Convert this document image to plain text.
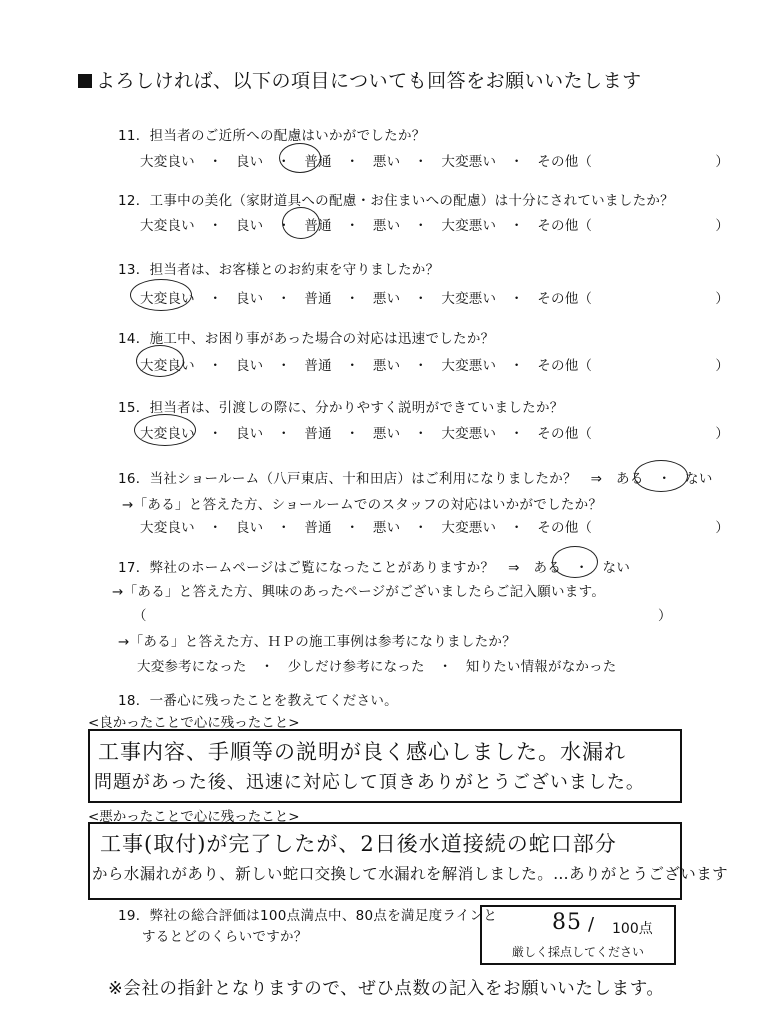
よろしければ、以下の項目についても回答をお願いいたします
11．担当者のご近所への配慮はいかがでしたか？
大変良い　・　良い　・　普通　・　悪い　・　大変悪い　・　その他（　　　　　　　　　）
12．工事中の美化（家財道具への配慮・お住まいへの配慮）は十分にされていましたか？
大変良い　・　良い　・　普通　・　悪い　・　大変悪い　・　その他（　　　　　　　　　）
13．担当者は、お客様とのお約束を守りましたか？
大変良い　・　良い　・　普通　・　悪い　・　大変悪い　・　その他（　　　　　　　　　）
14．施工中、お困り事があった場合の対応は迅速でしたか？
大変良い　・　良い　・　普通　・　悪い　・　大変悪い　・　その他（　　　　　　　　　）
15．担当者は、引渡しの際に、分かりやすく説明ができていましたか？
大変良い　・　良い　・　普通　・　悪い　・　大変悪い　・　その他（　　　　　　　　　）
16．当社ショールーム（八戸東店、十和田店）はご利用になりましたか？　⇒　ある　・　ない
→「ある」と答えた方、ショールームでのスタッフの対応はいかがでしたか？
大変良い　・　良い　・　普通　・　悪い　・　大変悪い　・　その他（　　　　　　　　　）
17．弊社のホームページはご覧になったことがありますか？　⇒　ある　・　ない
→「ある」と答えた方、興味のあったページがございましたらご記入願います。
（	）
→「ある」と答えた方、ＨＰの施工事例は参考になりましたか？
大変参考になった　・　少しだけ参考になった　・　知りたい情報がなかった
18．一番心に残ったことを教えてください。
<良かったことで心に残ったこと>
工事内容、手順等の説明が良く感心しました。水漏れ
問題があった後、迅速に対応して頂きありがとうございました。
<悪かったことで心に残ったこと>
工事(取付)が完了したが、2日後水道接続の蛇口部分
から水漏れがあり、新しい蛇口交換して水漏れを解消しました。…ありがとうございます
19．弊社の総合評価は100点満点中、80点を満足度ラインと
するとどのくらいですか？
85 / 100点
厳しく採点してください
※会社の指針となりますので、ぜひ点数の記入をお願いいたします。
